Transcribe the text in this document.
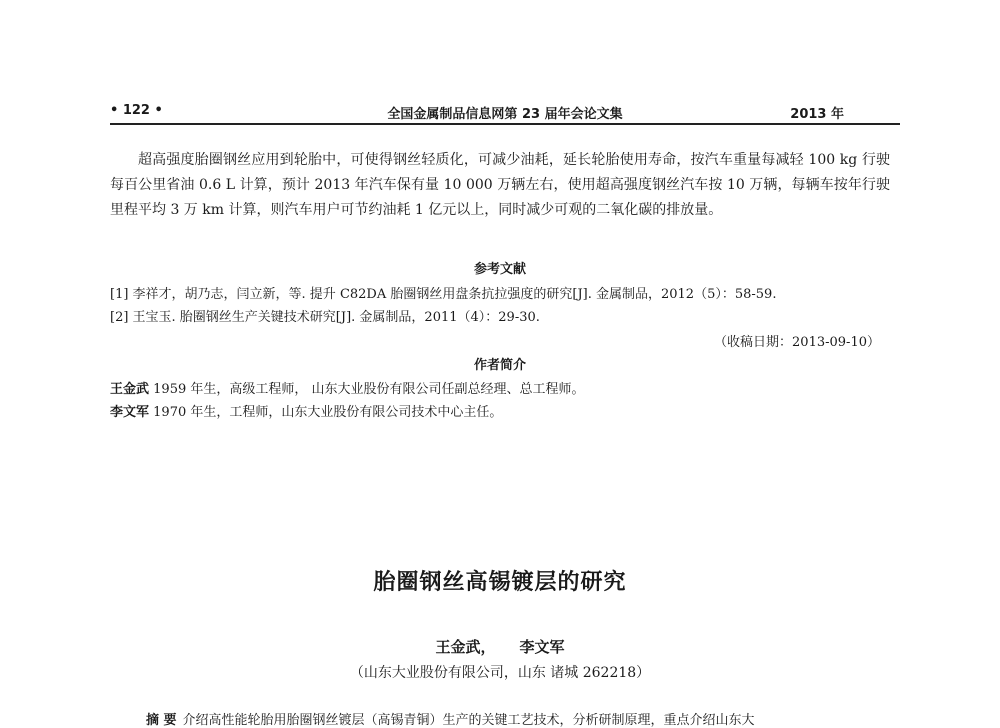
• 122 •	全国金属制品信息网第 23 届年会论文集	2013 年

超高强度胎圈钢丝应用到轮胎中，可使得钢丝轻质化，可减少油耗，延长轮胎使用寿命，按汽车重量每减轻 100 kg 行驶每百公里省油 0.6 L 计算，预计 2013 年汽车保有量 10 000 万辆左右，使用超高强度钢丝汽车按 10 万辆，每辆车按年行驶里程平均 3 万 km 计算，则汽车用户可节约油耗 1 亿元以上，同时减少可观的二氧化碳的排放量。

参考文献

[1] 李祥才，胡乃志，闫立新，等. 提升 C82DA 胎圈钢丝用盘条抗拉强度的研究[J]. 金属制品，2012（5）：58-59.

[2] 王宝玉. 胎圈钢丝生产关键技术研究[J]. 金属制品，2011（4）：29-30.

（收稿日期：2013-09-10）

作者简介

王金武 1959 年生，高级工程师， 山东大业股份有限公司任副总经理、总工程师。

李文军 1970 年生，工程师，山东大业股份有限公司技术中心主任。

胎圈钢丝高锡镀层的研究

王金武， 李文军

（山东大业股份有限公司，山东 诸城 262218）

摘 要 介绍高性能轮胎用胎圈钢丝镀层（高锡青铜）生产的关键工艺技术，分析研制原理，重点介绍山东大
